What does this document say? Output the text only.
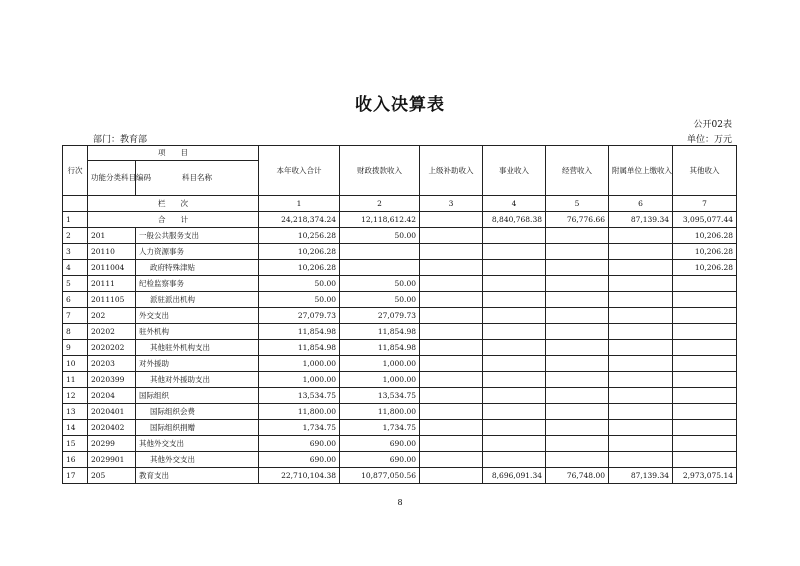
收入决算表
公开02表
部门：教育部	单位：万元
行次	项　　目		本年收入合计	财政拨款收入	上级补助收入	事业收入	经营收入	附属单位上缴收入	其他收入
	功能分类科目编码	科目名称							
	栏　　次		1	2	3	4	5	6	7
1	合　　计		24,218,374.24	12,118,612.42		8,840,768.38	76,776.66	87,139.34	3,095,077.44
2	201	一般公共服务支出	10,256.28	50.00					10,206.28
3	20110	人力资源事务	10,206.28						10,206.28
4	2011004	政府特殊津贴	10,206.28						10,206.28
5	20111	纪检监察事务	50.00	50.00					
6	2011105	派驻派出机构	50.00	50.00					
7	202	外交支出	27,079.73	27,079.73					
8	20202	驻外机构	11,854.98	11,854.98					
9	2020202	其他驻外机构支出	11,854.98	11,854.98					
10	20203	对外援助	1,000.00	1,000.00					
11	2020399	其他对外援助支出	1,000.00	1,000.00					
12	20204	国际组织	13,534.75	13,534.75					
13	2020401	国际组织会费	11,800.00	11,800.00					
14	2020402	国际组织捐赠	1,734.75	1,734.75					
15	20299	其他外交支出	690.00	690.00					
16	2029901	其他外交支出	690.00	690.00					
17	205	教育支出	22,710,104.38	10,877,050.56		8,696,091.34	76,748.00	87,139.34	2,973,075.14
8
